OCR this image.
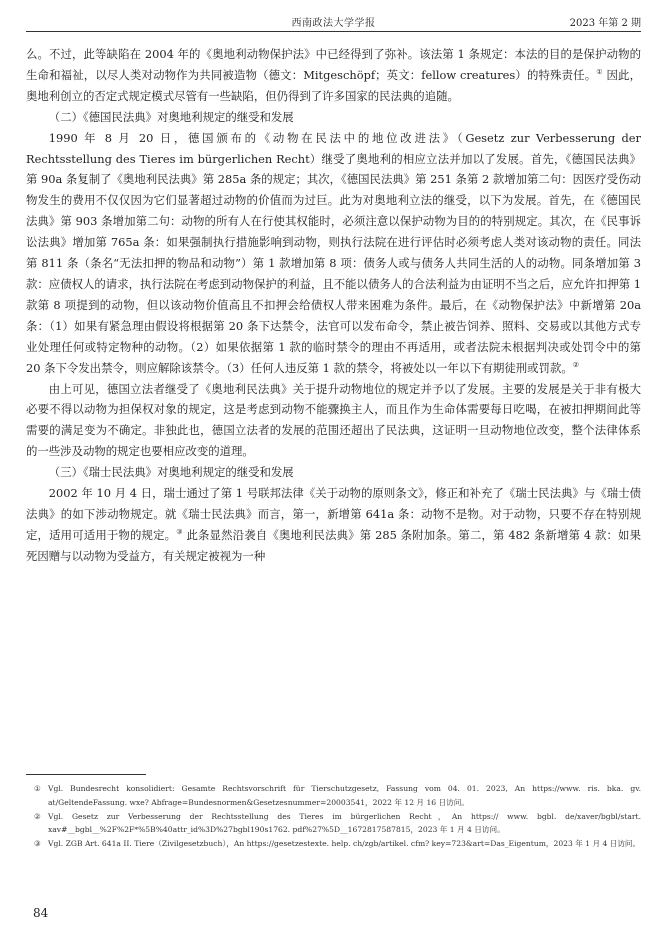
西南政法大学学报	2023 年第 2 期

么。不过，此等缺陷在 2004 年的《奥地利动物保护法》中已经得到了弥补。该法第 1 条规定：本法的目的是保护动物的生命和福祉，以尽人类对动物作为共同被造物（德文：Mitgeschöpf；英文：fellow creatures）的特殊责任。① 因此，奥地利创立的否定式规定模式尽管有一些缺陷，但仍得到了许多国家的民法典的追随。

（二）《德国民法典》对奥地利规定的继受和发展

1990 年 8 月 20 日，德国颁布的《动物在民法中的地位改进法》（Gesetz zur Verbesserung der Rechtsstellung des Tieres im bürgerlichen Recht）继受了奥地利的相应立法并加以了发展。首先，《德国民法典》第 90a 条复制了《奥地利民法典》第 285a 条的规定；其次，《德国民法典》第 251 条第 2 款增加第二句：因医疗受伤动物发生的费用不仅仅因为它们显著超过动物的价值而为过巨。此为对奥地利立法的继受，以下为发展。首先，在《德国民法典》第 903 条增加第二句：动物的所有人在行使其权能时，必须注意以保护动物为目的的特别规定。其次，在《民事诉讼法典》增加第 765a 条：如果强制执行措施影响到动物，则执行法院在进行评估时必须考虑人类对该动物的责任。同法第 811 条（条名“无法扣押的物品和动物”）第 1 款增加第 8 项：债务人或与债务人共同生活的人的动物。同条增加第 3 款：应债权人的请求，执行法院在考虑到动物保护的利益，且不能以债务人的合法利益为由证明不当之后，应允许扣押第 1 款第 8 项提到的动物，但以该动物价值高且不扣押会给债权人带来困难为条件。最后，在《动物保护法》中新增第 20a 条：（1）如果有紧急理由假设将根据第 20 条下达禁令，法官可以发布命令，禁止被告饲养、照料、交易或以其他方式专业处理任何或特定物种的动物。（2）如果依据第 1 款的临时禁令的理由不再适用，或者法院未根据判决或处罚令中的第 20 条下令发出禁令，则应解除该禁令。（3）任何人违反第 1 款的禁令，将被处以一年以下有期徒刑或罚款。②

由上可见，德国立法者继受了《奥地利民法典》关于提升动物地位的规定并予以了发展。主要的发展是关于非有极大必要不得以动物为担保权对象的规定，这是考虑到动物不能骤换主人，而且作为生命体需要每日吃喝，在被扣押期间此等需要的满足变为不确定。非独此也，德国立法者的发展的范围还超出了民法典，这证明一旦动物地位改变，整个法律体系的一些涉及动物的规定也要相应改变的道理。

（三）《瑞士民法典》对奥地利规定的继受和发展

2002 年 10 月 4 日，瑞士通过了第 1 号联邦法律《关于动物的原则条文》，修正和补充了《瑞士民法典》与《瑞士债法典》的如下涉动物规定。就《瑞士民法典》而言，第一，新增第 641a 条：动物不是物。对于动物，只要不存在特别规定，适用可适用于物的规定。③ 此条显然沿袭自《奥地利民法典》第 285 条附加条。第二，第 482 条新增第 4 款：如果死因赠与以动物为受益方，有关规定被视为一种

① Vgl. Bundesrecht konsolidiert: Gesamte Rechtsvorschrift für Tierschutzgesetz, Fassung vom 04. 01. 2023, An https://www. ris. bka. gv. at/GeltendeFassung. wxe? Abfrage=Bundesnormen&Gesetzesnummer=20003541，2022 年 12 月 16 日访问。

② Vgl. Gesetz zur Verbesserung der Rechtsstellung des Tieres im bürgerlichen Recht，An https:// www. bgbl. de/xaver/bgbl/start. xav#__bgbl__%2F%2F*%5B%40attr_id%3D%27bgbl190s1762. pdf%27%5D__1672817587815，2023 年 1 月 4 日访问。

③ Vgl. ZGB Art. 641a II. Tiere（Zivilgesetzbuch），An https://gesetzestexte. help. ch/zgb/artikel. cfm? key=723&art=Das_Eigentum，2023 年 1 月 4 日访问。

84
